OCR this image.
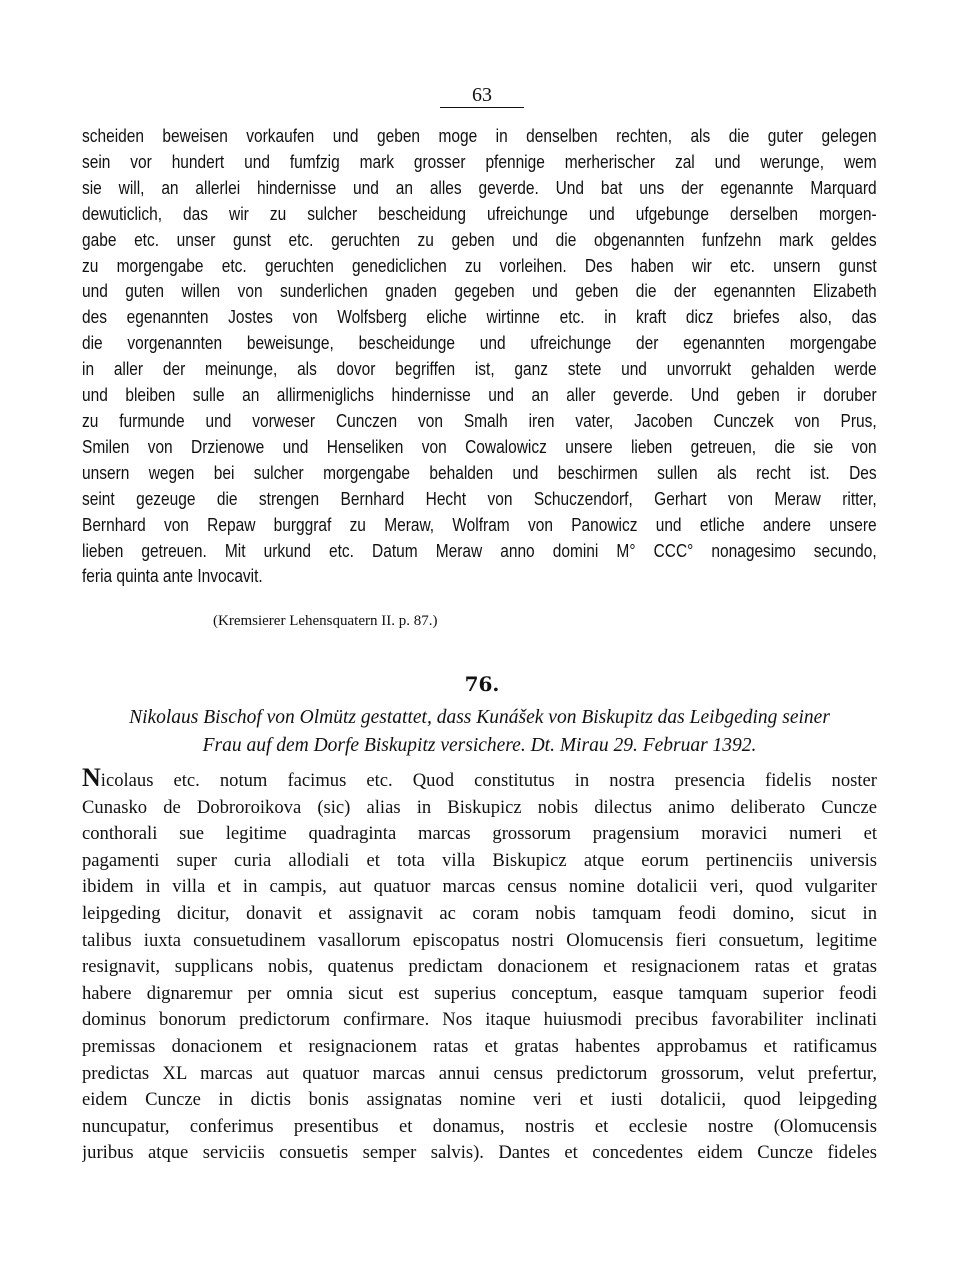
63
scheiden beweisen vorkaufen und geben moge in denselben rechten, als die guter gelegen
sein vor hundert und fumfzig mark grosser pfennige merherischer zal und werunge, wem
sie will, an allerlei hindernisse und an alles geverde. Und bat uns der egenannte Marquard
dewuticlich, das wir zu sulcher bescheidung ufreichunge und ufgebunge derselben morgen-
gabe etc. unser gunst etc. geruchten zu geben und die obgenannten funfzehn mark geldes
zu morgengabe etc. geruchten genediclichen zu vorleihen. Des haben wir etc. unsern gunst
und guten willen von sunderlichen gnaden gegeben und geben die der egenannten Elizabeth
des egenannten Jostes von Wolfsberg eliche wirtinne etc. in kraft dicz briefes also, das
die vorgenannten beweisunge, bescheidunge und ufreichunge der egenannten morgengabe
in aller der meinunge, als dovor begriffen ist, ganz stete und unvorrukt gehalden werde
und bleiben sulle an allirmeniglichs hindernisse und an aller geverde. Und geben ir doruber
zu furmunde und vorweser Cunczen von Smalh iren vater, Jacoben Cunczek von Prus,
Smilen von Drzienowe und Henseliken von Cowalowicz unsere lieben getreuen, die sie von
unsern wegen bei sulcher morgengabe behalden und beschirmen sullen als recht ist. Des
seint gezeuge die strengen Bernhard Hecht von Schuczendorf, Gerhart von Meraw ritter,
Bernhard von Repaw burggraf zu Meraw, Wolfram von Panowicz und etliche andere unsere
lieben getreuen. Mit urkund etc. Datum Meraw anno domini M° CCC° nonagesimo secundo,
feria quinta ante Invocavit.
(Kremsierer Lehensquatern II. p. 87.)
76.
Nikolaus Bischof von Olmütz gestattet, dass Kunášek von Biskupitz das Leibgeding seiner
Frau auf dem Dorfe Biskupitz versichere. Dt. Mirau 29. Februar 1392.
Nicolaus etc. notum facimus etc. Quod constitutus in nostra presencia fidelis noster
Cunasko de Dobroroikova (sic) alias in Biskupicz nobis dilectus animo deliberato Cuncze
conthorali sue legitime quadraginta marcas grossorum pragensium moravici numeri et
pagamenti super curia allodiali et tota villa Biskupicz atque eorum pertinenciis universis
ibidem in villa et in campis, aut quatuor marcas census nomine dotalicii veri, quod vulgariter
leipgeding dicitur, donavit et assignavit ac coram nobis tamquam feodi domino, sicut in
talibus iuxta consuetudinem vasallorum episcopatus nostri Olomucensis fieri consuetum, legitime
resignavit, supplicans nobis, quatenus predictam donacionem et resignacionem ratas et gratas
habere dignaremur per omnia sicut est superius conceptum, easque tamquam superior feodi
dominus bonorum predictorum confirmare. Nos itaque huiusmodi precibus favorabiliter inclinati
premissas donacionem et resignacionem ratas et gratas habentes approbamus et ratificamus
predictas XL marcas aut quatuor marcas annui census predictorum grossorum, velut prefertur,
eidem Cuncze in dictis bonis assignatas nomine veri et iusti dotalicii, quod leipgeding
nuncupatur, conferimus presentibus et donamus, nostris et ecclesie nostre (Olomucensis
juribus atque serviciis consuetis semper salvis). Dantes et concedentes eidem Cuncze fideles
